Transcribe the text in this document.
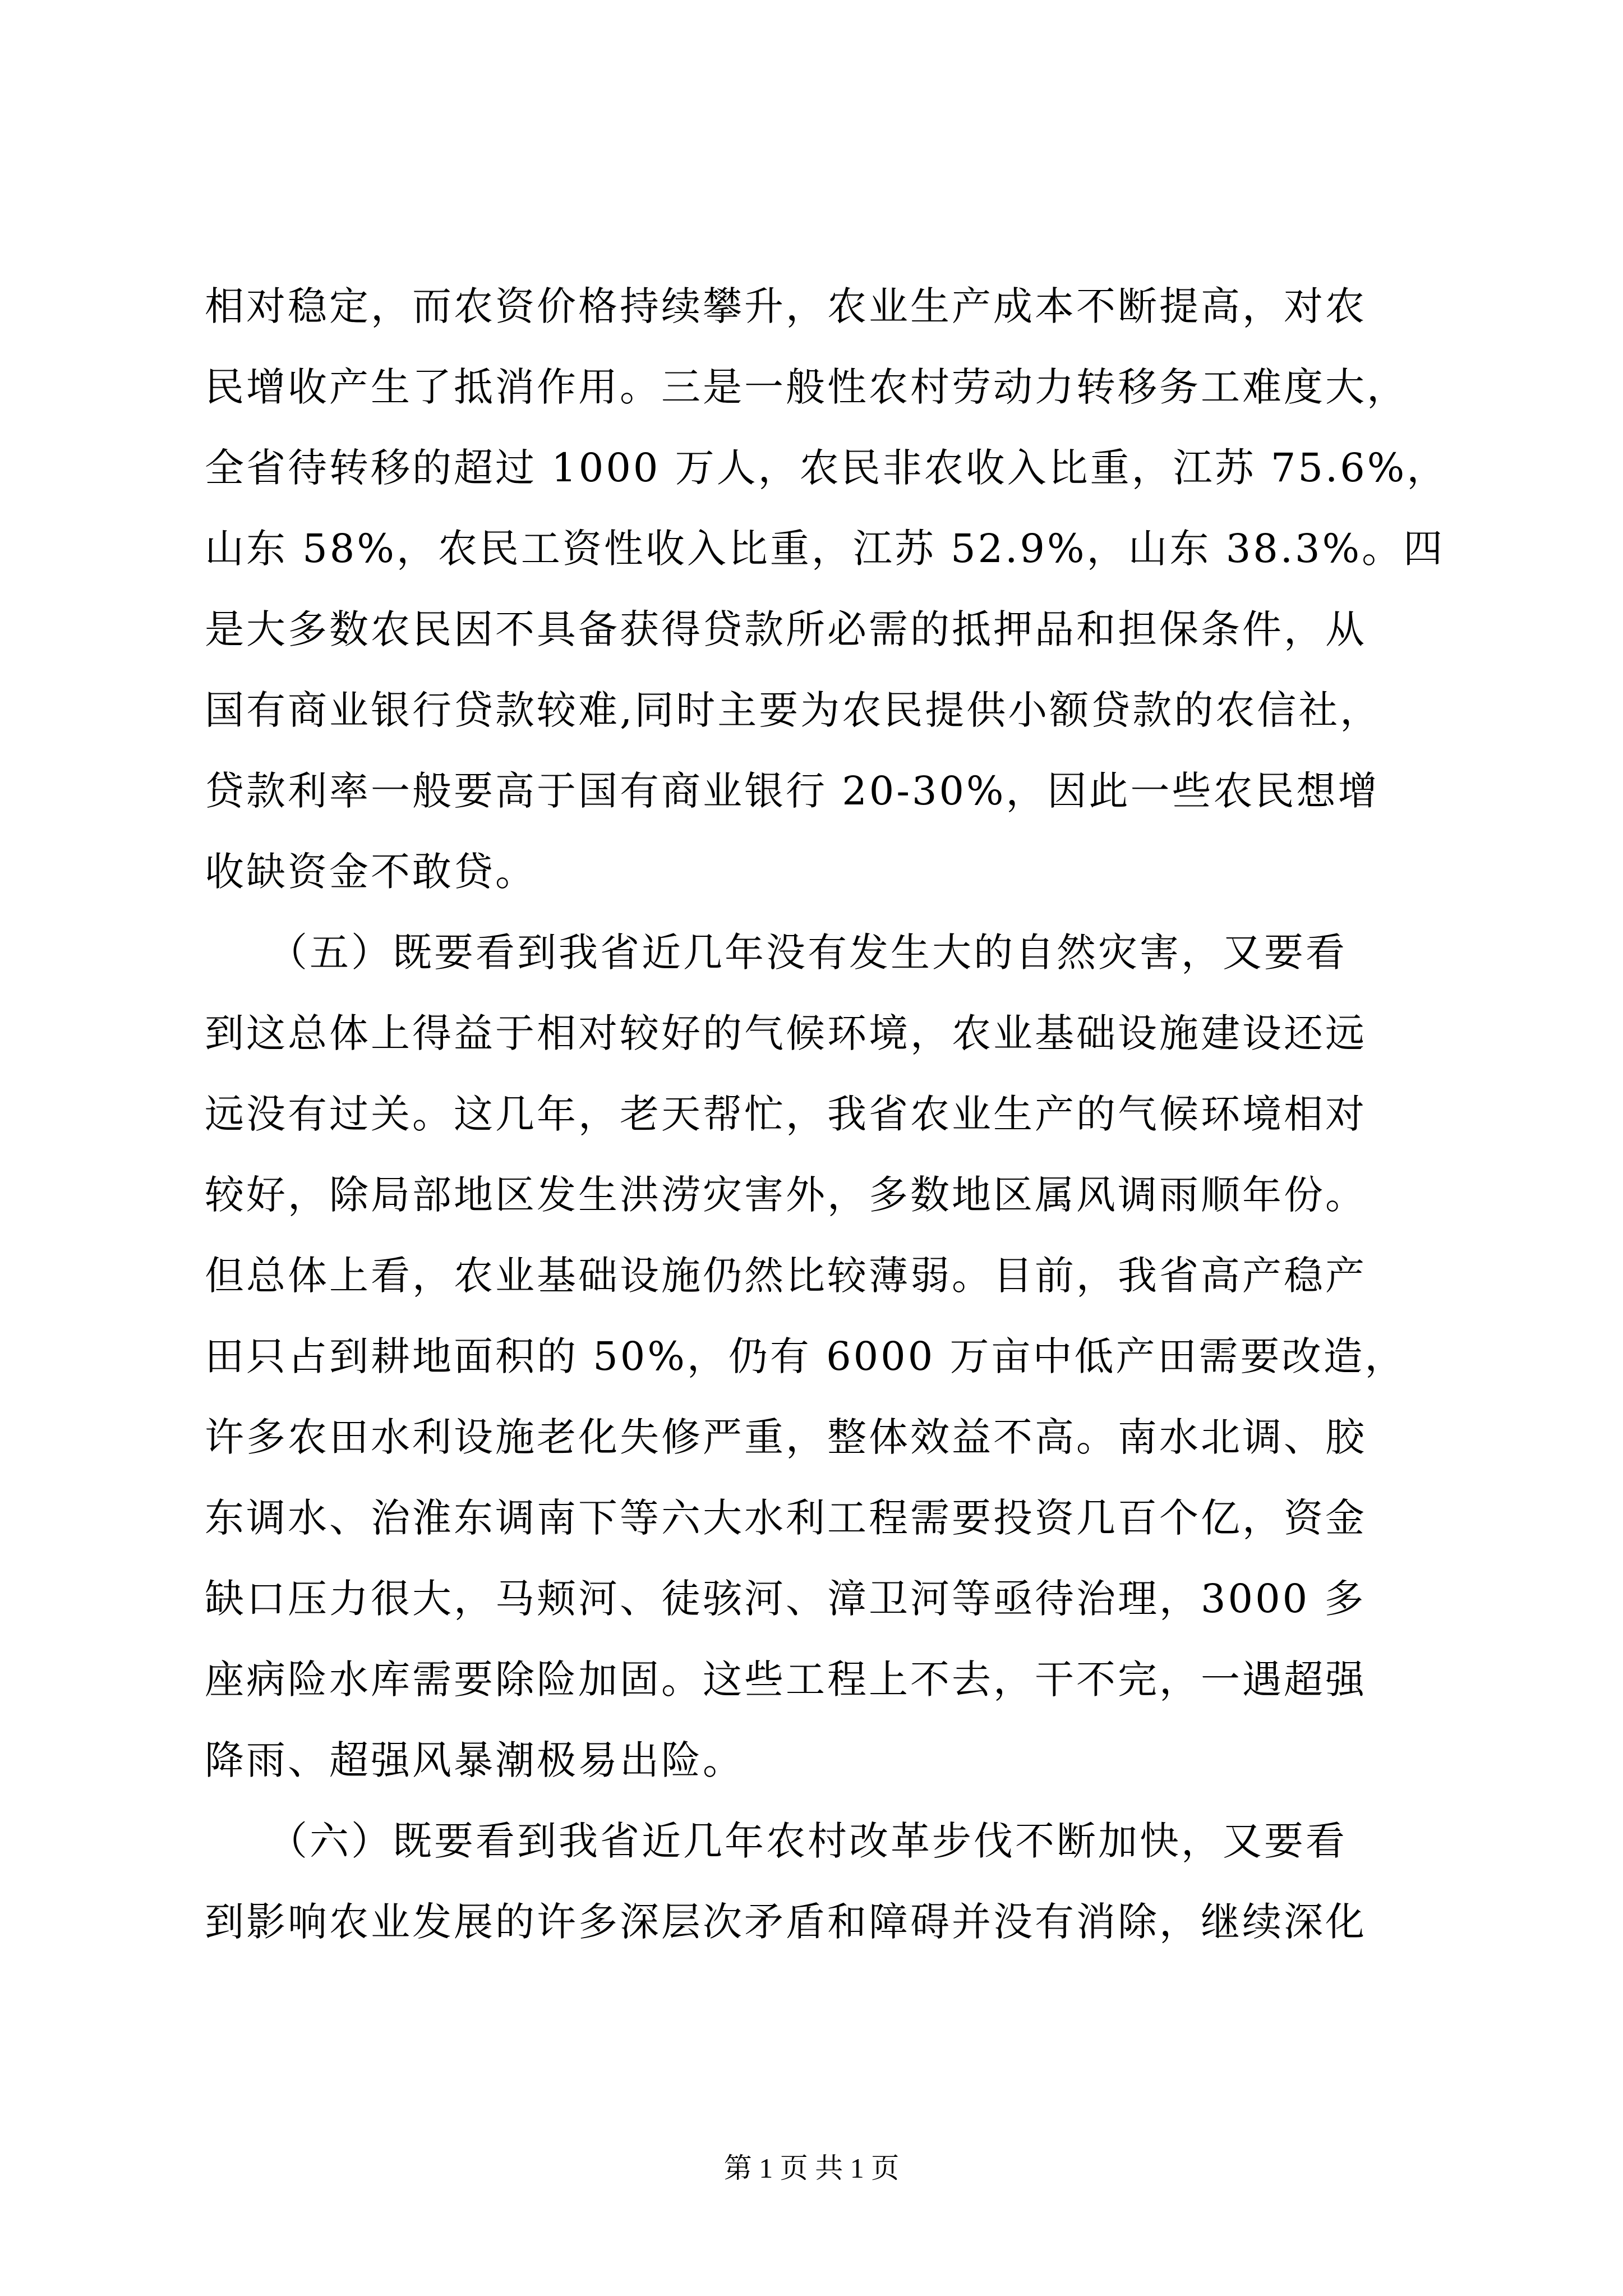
相对稳定，而农资价格持续攀升，农业生产成本不断提高，对农
民增收产生了抵消作用。三是一般性农村劳动力转移务工难度大，
全省待转移的超过 1000 万人，农民非农收入比重，江苏 75.6%，
山东 58%，农民工资性收入比重，江苏 52.9%，山东 38.3%。四
是大多数农民因不具备获得贷款所必需的抵押品和担保条件，从
国有商业银行贷款较难,同时主要为农民提供小额贷款的农信社，
贷款利率一般要高于国有商业银行 20-30%，因此一些农民想增
收缺资金不敢贷。
　　（五）既要看到我省近几年没有发生大的自然灾害，又要看
到这总体上得益于相对较好的气候环境，农业基础设施建设还远
远没有过关。这几年，老天帮忙，我省农业生产的气候环境相对
较好，除局部地区发生洪涝灾害外，多数地区属风调雨顺年份。
但总体上看，农业基础设施仍然比较薄弱。目前，我省高产稳产
田只占到耕地面积的 50%，仍有 6000 万亩中低产田需要改造，
许多农田水利设施老化失修严重，整体效益不高。南水北调、胶
东调水、治淮东调南下等六大水利工程需要投资几百个亿，资金
缺口压力很大，马颊河、徒骇河、漳卫河等亟待治理，3000 多
座病险水库需要除险加固。这些工程上不去，干不完，一遇超强
降雨、超强风暴潮极易出险。
　　（六）既要看到我省近几年农村改革步伐不断加快，又要看
到影响农业发展的许多深层次矛盾和障碍并没有消除，继续深化
第 1 页 共 1 页
